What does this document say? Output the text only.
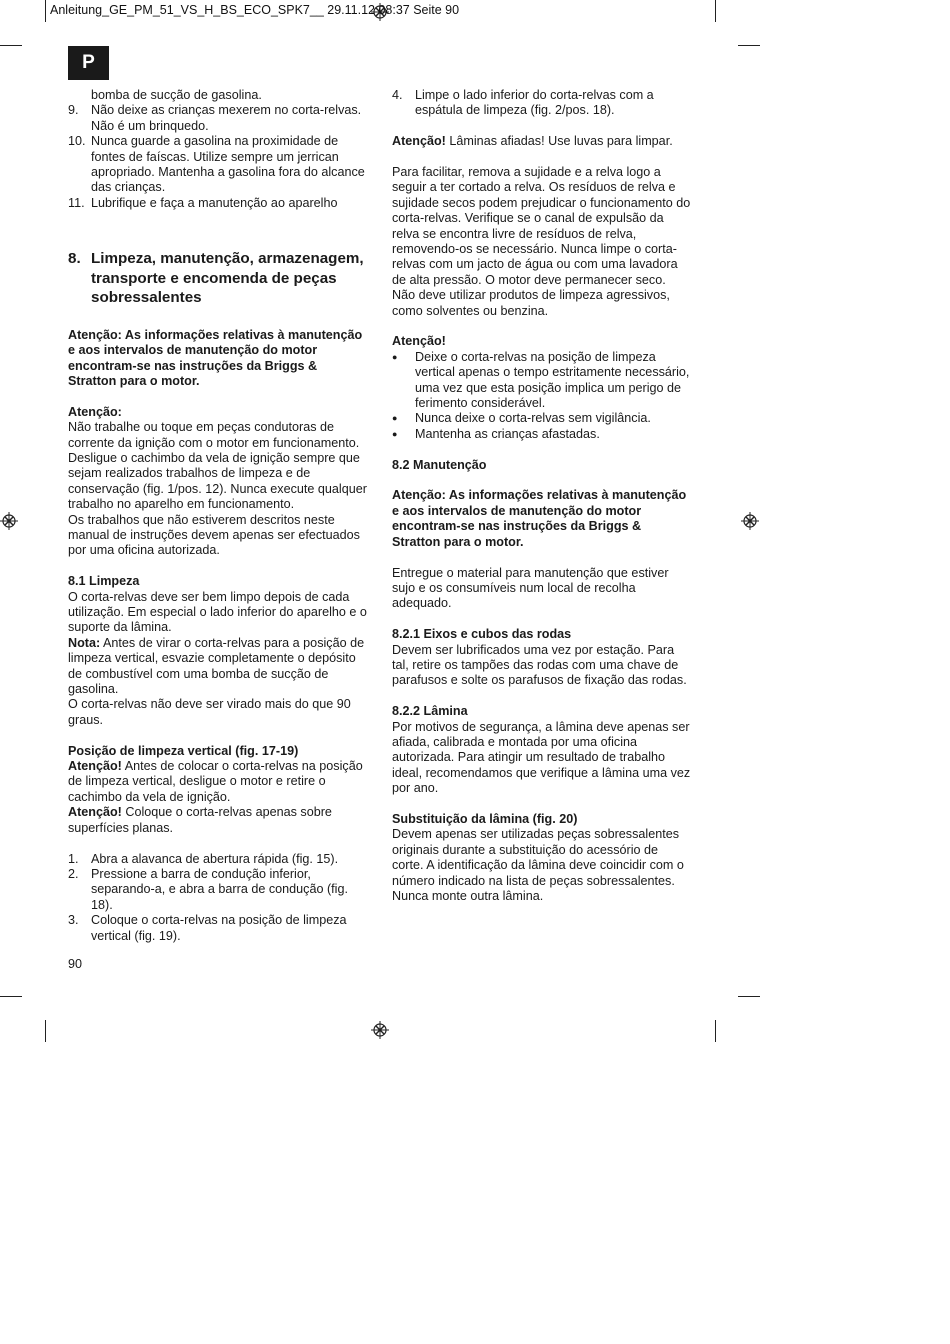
Anleitung_GE_PM_51_VS_H_BS_ECO_SPK7__ 29.11.12 08:37 Seite 90
P

bomba de sucção de gasolina.

9. Não deixe as crianças mexerem no corta-relvas. Não é um brinquedo.
10. Nunca guarde a gasolina na proximidade de fontes de faíscas. Utilize sempre um jerrican apropriado. Mantenha a gasolina fora do alcance das crianças.
11. Lubrifique e faça a manutenção ao aparelho
8. Limpeza, manutenção, armazenagem, transporte e encomenda de peças sobressalentes

Atenção: As informações relativas à manutenção e aos intervalos de manutenção do motor encontram-se nas instruções da Briggs & Stratton para o motor.

Atenção:

Não trabalhe ou toque em peças condutoras de corrente da ignição com o motor em funcionamento. Desligue o cachimbo da vela de ignição sempre que sejam realizados trabalhos de limpeza e de conservação (fig. 1/pos. 12). Nunca execute qualquer trabalho no aparelho em funcionamento.

Os trabalhos que não estiverem descritos neste manual de instruções devem apenas ser efectuados por uma oficina autorizada.

8.1 Limpeza

O corta-relvas deve ser bem limpo depois de cada utilização. Em especial o lado inferior do aparelho e o suporte da lâmina.

Nota: Antes de virar o corta-relvas para a posição de limpeza vertical, esvazie completamente o depósito de combustível com uma bomba de sucção de gasolina.

O corta-relvas não deve ser virado mais do que 90 graus.

Posição de limpeza vertical (fig. 17-19)

Atenção! Antes de colocar o corta-relvas na posição de limpeza vertical, desligue o motor e retire o cachimbo da vela de ignição.

Atenção! Coloque o corta-relvas apenas sobre superfícies planas.

1. Abra a alavanca de abertura rápida (fig. 15).
2. Pressione a barra de condução inferior, separando-a, e abra a barra de condução (fig. 18).
3. Coloque o corta-relvas na posição de limpeza vertical (fig. 19).
90
4. Limpe o lado inferior do corta-relvas com a espátula de limpeza (fig. 2/pos. 18).

Atenção! Lâminas afiadas! Use luvas para limpar.

Para facilitar, remova a sujidade e a relva logo a seguir a ter cortado a relva. Os resíduos de relva e sujidade secos podem prejudicar o funcionamento do corta-relvas. Verifique se o canal de expulsão da relva se encontra livre de resíduos de relva, removendo-os se necessário. Nunca limpe o corta-relvas com um jacto de água ou com uma lavadora de alta pressão. O motor deve permanecer seco. Não deve utilizar produtos de limpeza agressivos, como solventes ou benzina.

Atenção!

●	Deixe o corta-relvas na posição de limpeza vertical apenas o tempo estritamente necessário, uma vez que esta posição implica um perigo de ferimento considerável.
●	Nunca deixe o corta-relvas sem vigilância.
●	Mantenha as crianças afastadas.

8.2 Manutenção

Atenção: As informações relativas à manutenção e aos intervalos de manutenção do motor encontram-se nas instruções da Briggs & Stratton para o motor.

Entregue o material para manutenção que estiver sujo e os consumíveis num local de recolha adequado.

8.2.1 Eixos e cubos das rodas

Devem ser lubrificados uma vez por estação. Para tal, retire os tampões das rodas com uma chave de parafusos e solte os parafusos de fixação das rodas.

8.2.2 Lâmina

Por motivos de segurança, a lâmina deve apenas ser afiada, calibrada e montada por uma oficina autorizada. Para atingir um resultado de trabalho ideal, recomendamos que verifique a lâmina uma vez por ano.

Substituição da lâmina (fig. 20)

Devem apenas ser utilizadas peças sobressalentes originais durante a substituição do acessório de corte. A identificação da lâmina deve coincidir com o número indicado na lista de peças sobressalentes. Nunca monte outra lâmina.
